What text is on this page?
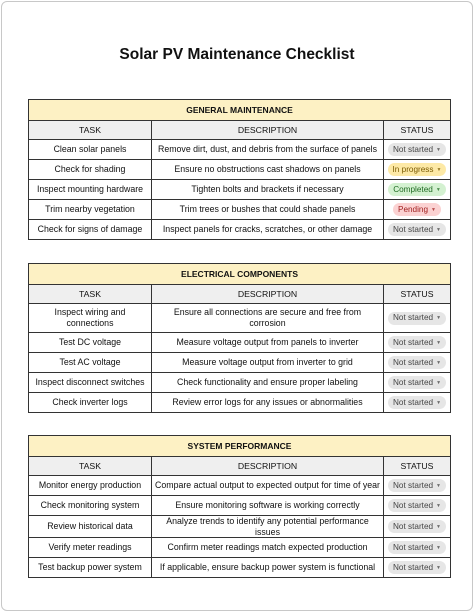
Solar PV Maintenance Checklist
GENERAL MAINTENANCE		
TASK	DESCRIPTION	STATUS
Clean solar panels	Remove dirt, dust, and debris from the surface of panels	Not started ▼

Check for shading	Ensure no obstructions cast shadows on panels	In progress ▼

Inspect mounting hardware	Tighten bolts and brackets if necessary	Completed ▼

Trim nearby vegetation	Trim trees or bushes that could shade panels	Pending ▼

Check for signs of damage	Inspect panels for cracks, scratches, or other damage	Not started ▼
ELECTRICAL COMPONENTS		
TASK	DESCRIPTION	STATUS
Inspect wiring and connections	Ensure all connections are secure and free from corrosion	Not started ▼

Test DC voltage	Measure voltage output from panels to inverter	Not started ▼

Test AC voltage	Measure voltage output from inverter to grid	Not started ▼

Inspect disconnect switches	Check functionality and ensure proper labeling	Not started ▼

Check inverter logs	Review error logs for any issues or abnormalities	Not started ▼
SYSTEM PERFORMANCE		
TASK	DESCRIPTION	STATUS
Monitor energy production	Compare actual output to expected output for time of year	Not started ▼

Check monitoring system	Ensure monitoring software is working correctly	Not started ▼

Review historical data	Analyze trends to identify any potential performance issues	Not started ▼

Verify meter readings	Confirm meter readings match expected production	Not started ▼

Test backup power system	If applicable, ensure backup power system is functional	Not started ▼
